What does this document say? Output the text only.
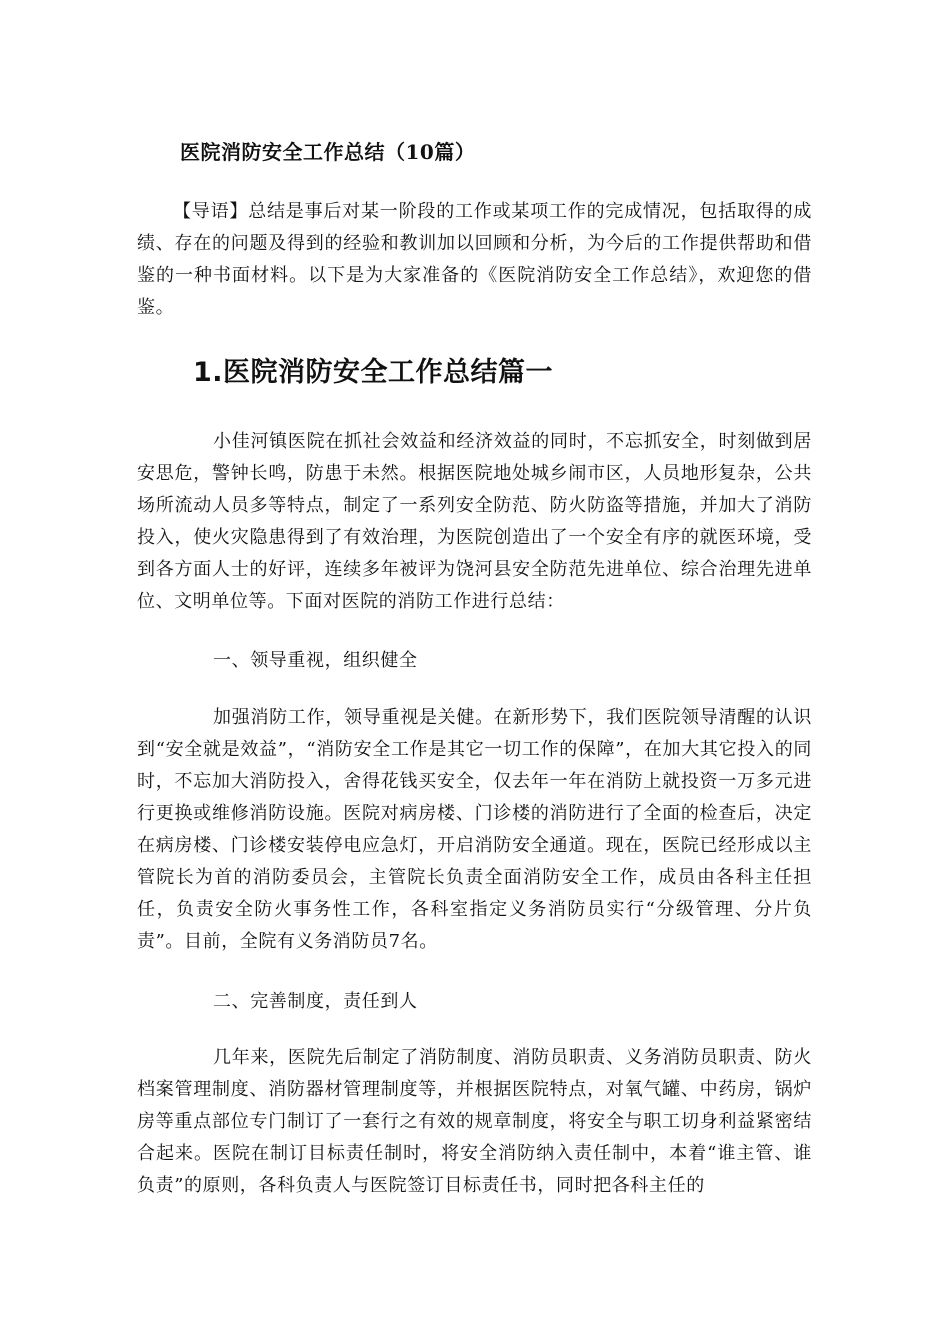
医院消防安全工作总结（10篇）

【导语】总结是事后对某一阶段的工作或某项工作的完成情况，包括取得的成绩、存在的问题及得到的经验和教训加以回顾和分析，为今后的工作提供帮助和借鉴的一种书面材料。以下是为大家准备的《医院消防安全工作总结》，欢迎您的借鉴。

1.医院消防安全工作总结篇一

小佳河镇医院在抓社会效益和经济效益的同时，不忘抓安全，时刻做到居安思危，警钟长鸣，防患于未然。根据医院地处城乡闹市区，人员地形复杂，公共场所流动人员多等特点，制定了一系列安全防范、防火防盗等措施，并加大了消防投入，使火灾隐患得到了有效治理，为医院创造出了一个安全有序的就医环境，受到各方面人士的好评，连续多年被评为饶河县安全防范先进单位、综合治理先进单位、文明单位等。下面对医院的消防工作进行总结：

一、领导重视，组织健全

加强消防工作，领导重视是关健。在新形势下，我们医院领导清醒的认识到“安全就是效益”，“消防安全工作是其它一切工作的保障”，在加大其它投入的同时，不忘加大消防投入，舍得花钱买安全，仅去年一年在消防上就投资一万多元进行更换或维修消防设施。医院对病房楼、门诊楼的消防进行了全面的检查后，决定在病房楼、门诊楼安装停电应急灯，开启消防安全通道。现在，医院已经形成以主管院长为首的消防委员会，主管院长负责全面消防安全工作，成员由各科主任担任，负责安全防火事务性工作，各科室指定义务消防员实行“分级管理、分片负责”。目前，全院有义务消防员7名。

二、完善制度，责任到人

几年来，医院先后制定了消防制度、消防员职责、义务消防员职责、防火档案管理制度、消防器材管理制度等，并根据医院特点，对氧气罐、中药房，锅炉房等重点部位专门制订了一套行之有效的规章制度，将安全与职工切身利益紧密结合起来。医院在制订目标责任制时，将安全消防纳入责任制中，本着“谁主管、谁负责”的原则，各科负责人与医院签订目标责任书，同时把各科主任的
